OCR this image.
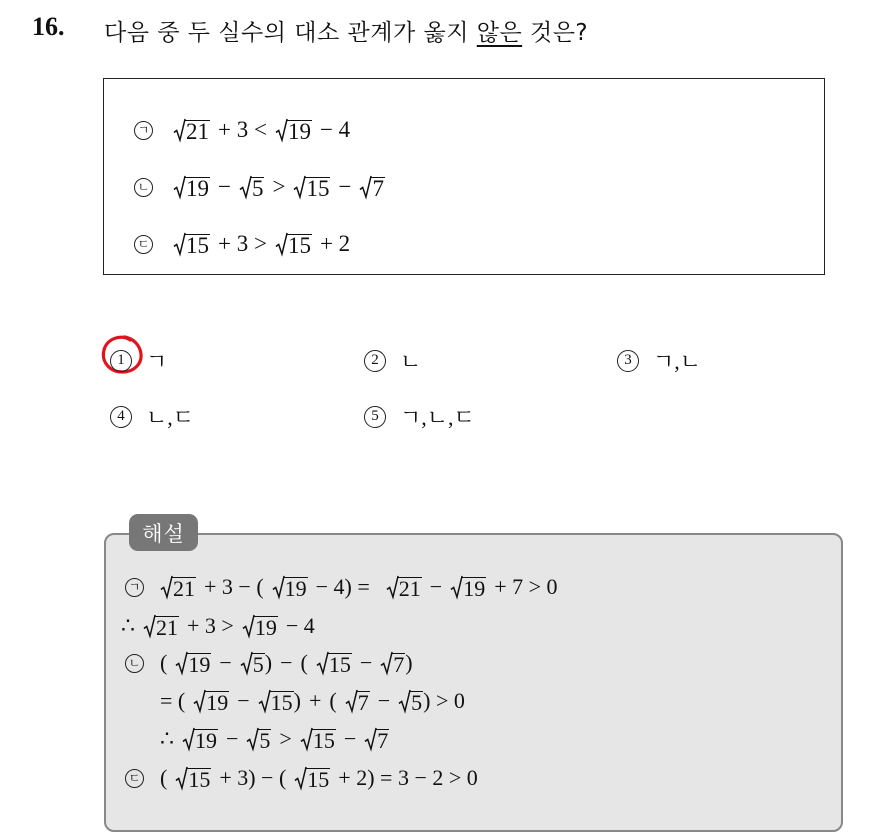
16. 다음 중 두 실수의 대소 관계가 옳지 않은 것은?
ㄱ 21 + 3 < 19 − 4
ㄴ 19 − 5 > 15 − 7
ㄷ 15 + 3 > 15 + 2
1 ㄱ	2 ㄴ	3 ㄱ,ㄴ
4 ㄴ,ㄷ	5 ㄱ,ㄴ,ㄷ
해설
ㄱ 21 + 3 − ( 19 − 4) = 21 − 19 + 7 > 0
∴ 21 + 3 > 19 − 4
ㄴ ( 19 − 5 ) − ( 15 − 7 )
= ( 19 − 15 ) + ( 7 − 5 ) > 0
∴ 19 − 5 > 15 − 7
ㄷ ( 15 + 3) − ( 15 + 2) = 3 − 2 > 0
